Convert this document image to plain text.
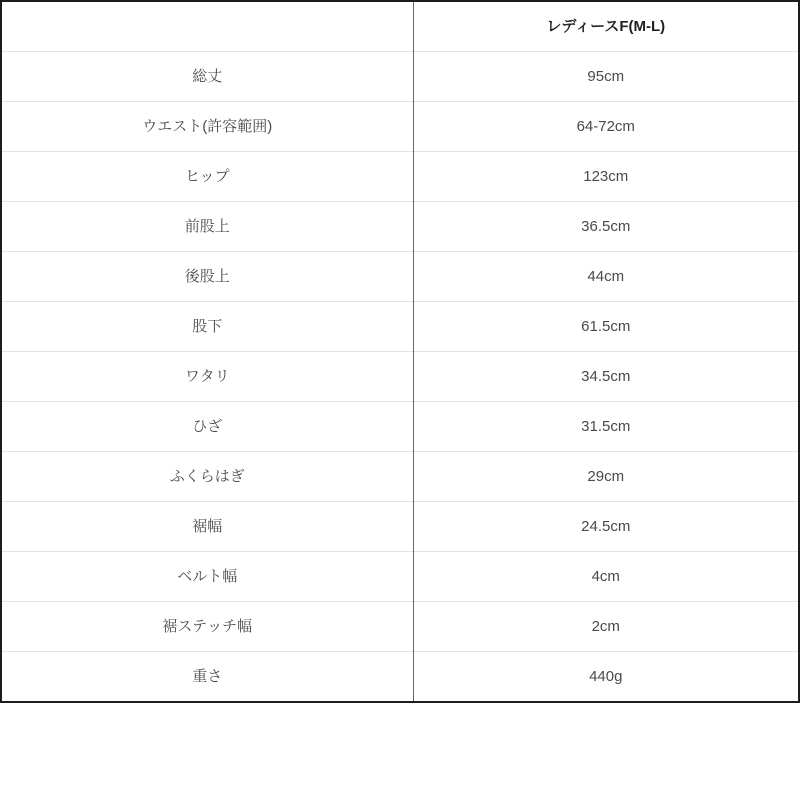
	レディースF(M-L)
総丈	95cm
ウエスト(許容範囲)	64-72cm
ヒップ	123cm
前股上	36.5cm
後股上	44cm
股下	61.5cm
ワタリ	34.5cm
ひざ	31.5cm
ふくらはぎ	29cm
裾幅	24.5cm
ベルト幅	4cm
裾ステッチ幅	2cm
重さ	440g
